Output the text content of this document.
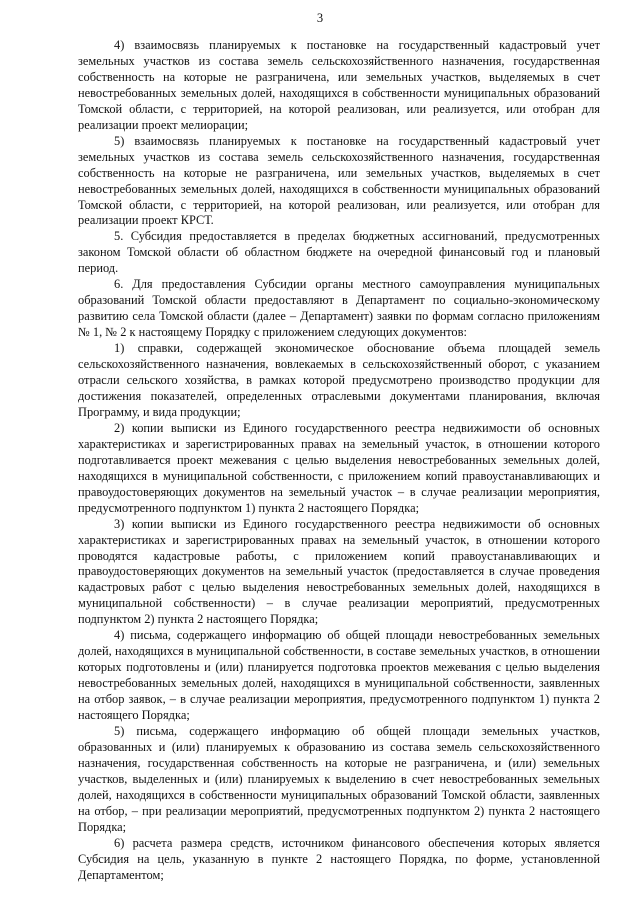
3

4) взаимосвязь планируемых к постановке на государственный кадастровый учет земельных участков из состава земель сельскохозяйственного назначения, государственная собственность на которые не разграничена, или земельных участков, выделяемых в счет невостребованных земельных долей, находящихся в собственности муниципальных образований Томской области, с территорией, на которой реализован, или реализуется, или отобран для реализации проект мелиорации;

5) взаимосвязь планируемых к постановке на государственный кадастровый учет земельных участков из состава земель сельскохозяйственного назначения, государственная собственность на которые не разграничена, или земельных участков, выделяемых в счет невостребованных земельных долей, находящихся в собственности муниципальных образований Томской области, с территорией, на которой реализован, или реализуется, или отобран для реализации проект КРСТ.

5. Субсидия предоставляется в пределах бюджетных ассигнований, предусмотренных законом Томской области об областном бюджете на очередной финансовый год и плановый период.

6. Для предоставления Субсидии органы местного самоуправления муниципальных образований Томской области предоставляют в Департамент по социально-экономическому развитию села Томской области (далее – Департамент) заявки по формам согласно приложениям № 1, № 2 к настоящему Порядку с приложением следующих документов:

1) справки, содержащей экономическое обоснование объема площадей земель сельскохозяйственного назначения, вовлекаемых в сельскохозяйственный оборот, с указанием отрасли сельского хозяйства, в рамках которой предусмотрено производство продукции для достижения показателей, определенных отраслевыми документами планирования, включая Программу, и вида продукции;

2) копии выписки из Единого государственного реестра недвижимости об основных характеристиках и зарегистрированных правах на земельный участок, в отношении которого подготавливается проект межевания с целью выделения невостребованных земельных долей, находящихся в муниципальной собственности, с приложением копий правоустанавливающих и правоудостоверяющих документов на земельный участок – в случае реализации мероприятия, предусмотренного подпунктом 1) пункта 2 настоящего Порядка;

3) копии выписки из Единого государственного реестра недвижимости об основных характеристиках и зарегистрированных правах на земельный участок, в отношении которого проводятся кадастровые работы, с приложением копий правоустанавливающих и правоудостоверяющих документов на земельный участок (предоставляется в случае проведения кадастровых работ с целью выделения невостребованных земельных долей, находящихся в муниципальной собственности) – в случае реализации мероприятий, предусмотренных подпунктом 2) пункта 2 настоящего Порядка;

4) письма, содержащего информацию об общей площади невостребованных земельных долей, находящихся в муниципальной собственности, в составе земельных участков, в отношении которых подготовлены и (или) планируется подготовка проектов межевания с целью выделения невостребованных земельных долей, находящихся в муниципальной собственности, заявленных на отбор заявок, – в случае реализации мероприятия, предусмотренного подпунктом 1) пункта 2 настоящего Порядка;

5) письма, содержащего информацию об общей площади земельных участков, образованных и (или) планируемых к образованию из состава земель сельскохозяйственного назначения, государственная собственность на которые не разграничена, и (или) земельных участков, выделенных и (или) планируемых к выделению в счет невостребованных земельных долей, находящихся в собственности муниципальных образований Томской области, заявленных на отбор, – при реализации мероприятий, предусмотренных подпунктом 2) пункта 2 настоящего Порядка;

6) расчета размера средств, источником финансового обеспечения которых является Субсидия на цель, указанную в пункте 2 настоящего Порядка, по форме, установленной Департаментом;
